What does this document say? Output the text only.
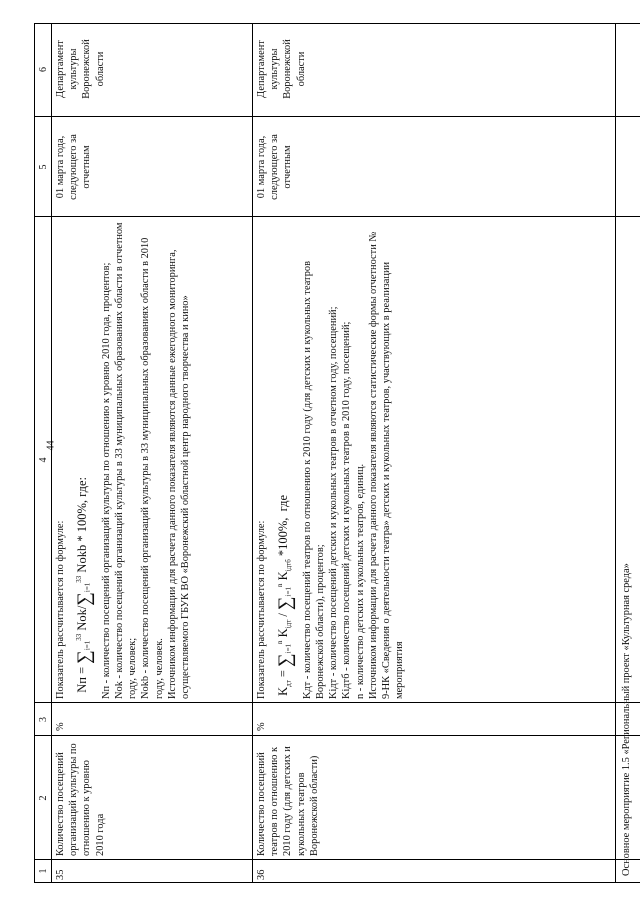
44
1
2
3
4
5
6
35
Количество посещений организаций культуры по отношению к уровню 2010 года
%

Показатель рассчитывается по формуле: Nп = $\sum_{i=1}^{33}$ Nok/$\sum_{i=1}^{33}$ Nokb * 100%, где:	Nп - количество посещений организаций культуры по отношению к уровню 2010 года, процентов; Nok - количество посещений организаций культуры в 33 муниципальных образованиях области в отчетном году, человек; Nokb - количество посещений организаций культуры в 33 муниципальных образованиях области в 2010 году, человек. Источником информации для расчета данного показателя являются данные ежегодного мониторинга, осуществляемого ГБУК ВО «Воронежский областной центр народного творчества и кино»

01 марта года, следующего за отчетным
Департамент культуры Воронежской области
36
Количество посещений театров по отношению к 2010 году (для детских и кукольных театров Воронежской области)
%

Показатель рассчитывается по формуле: $K_{дт} = \sum_{i=1}^n$ $K_{iдт} / \sum_{i=1}^n$ $K_{iдтб}$ *100%,  где	Kдт - количество посещений театров по отношению к 2010 году (для детских и кукольных театров Воронежской области), процентов; Kiдт - количество посещений детских и кукольных театров в отчетном году, посещений; Kiдтб - количество посещений детских и кукольных театров в 2010 году, посещений; n - количество детских и кукольных театров, единиц. Источником информации для расчета данного показателя являются статистические формы отчетности № 9-НК «Сведения о деятельности театра» детских и кукольных театров, участвующих в реализации мероприятия

01 марта года, следующего за отчетным
Департамент культуры Воронежской области
Основное мероприятие 1.5 «Региональный проект «Культурная среда»
